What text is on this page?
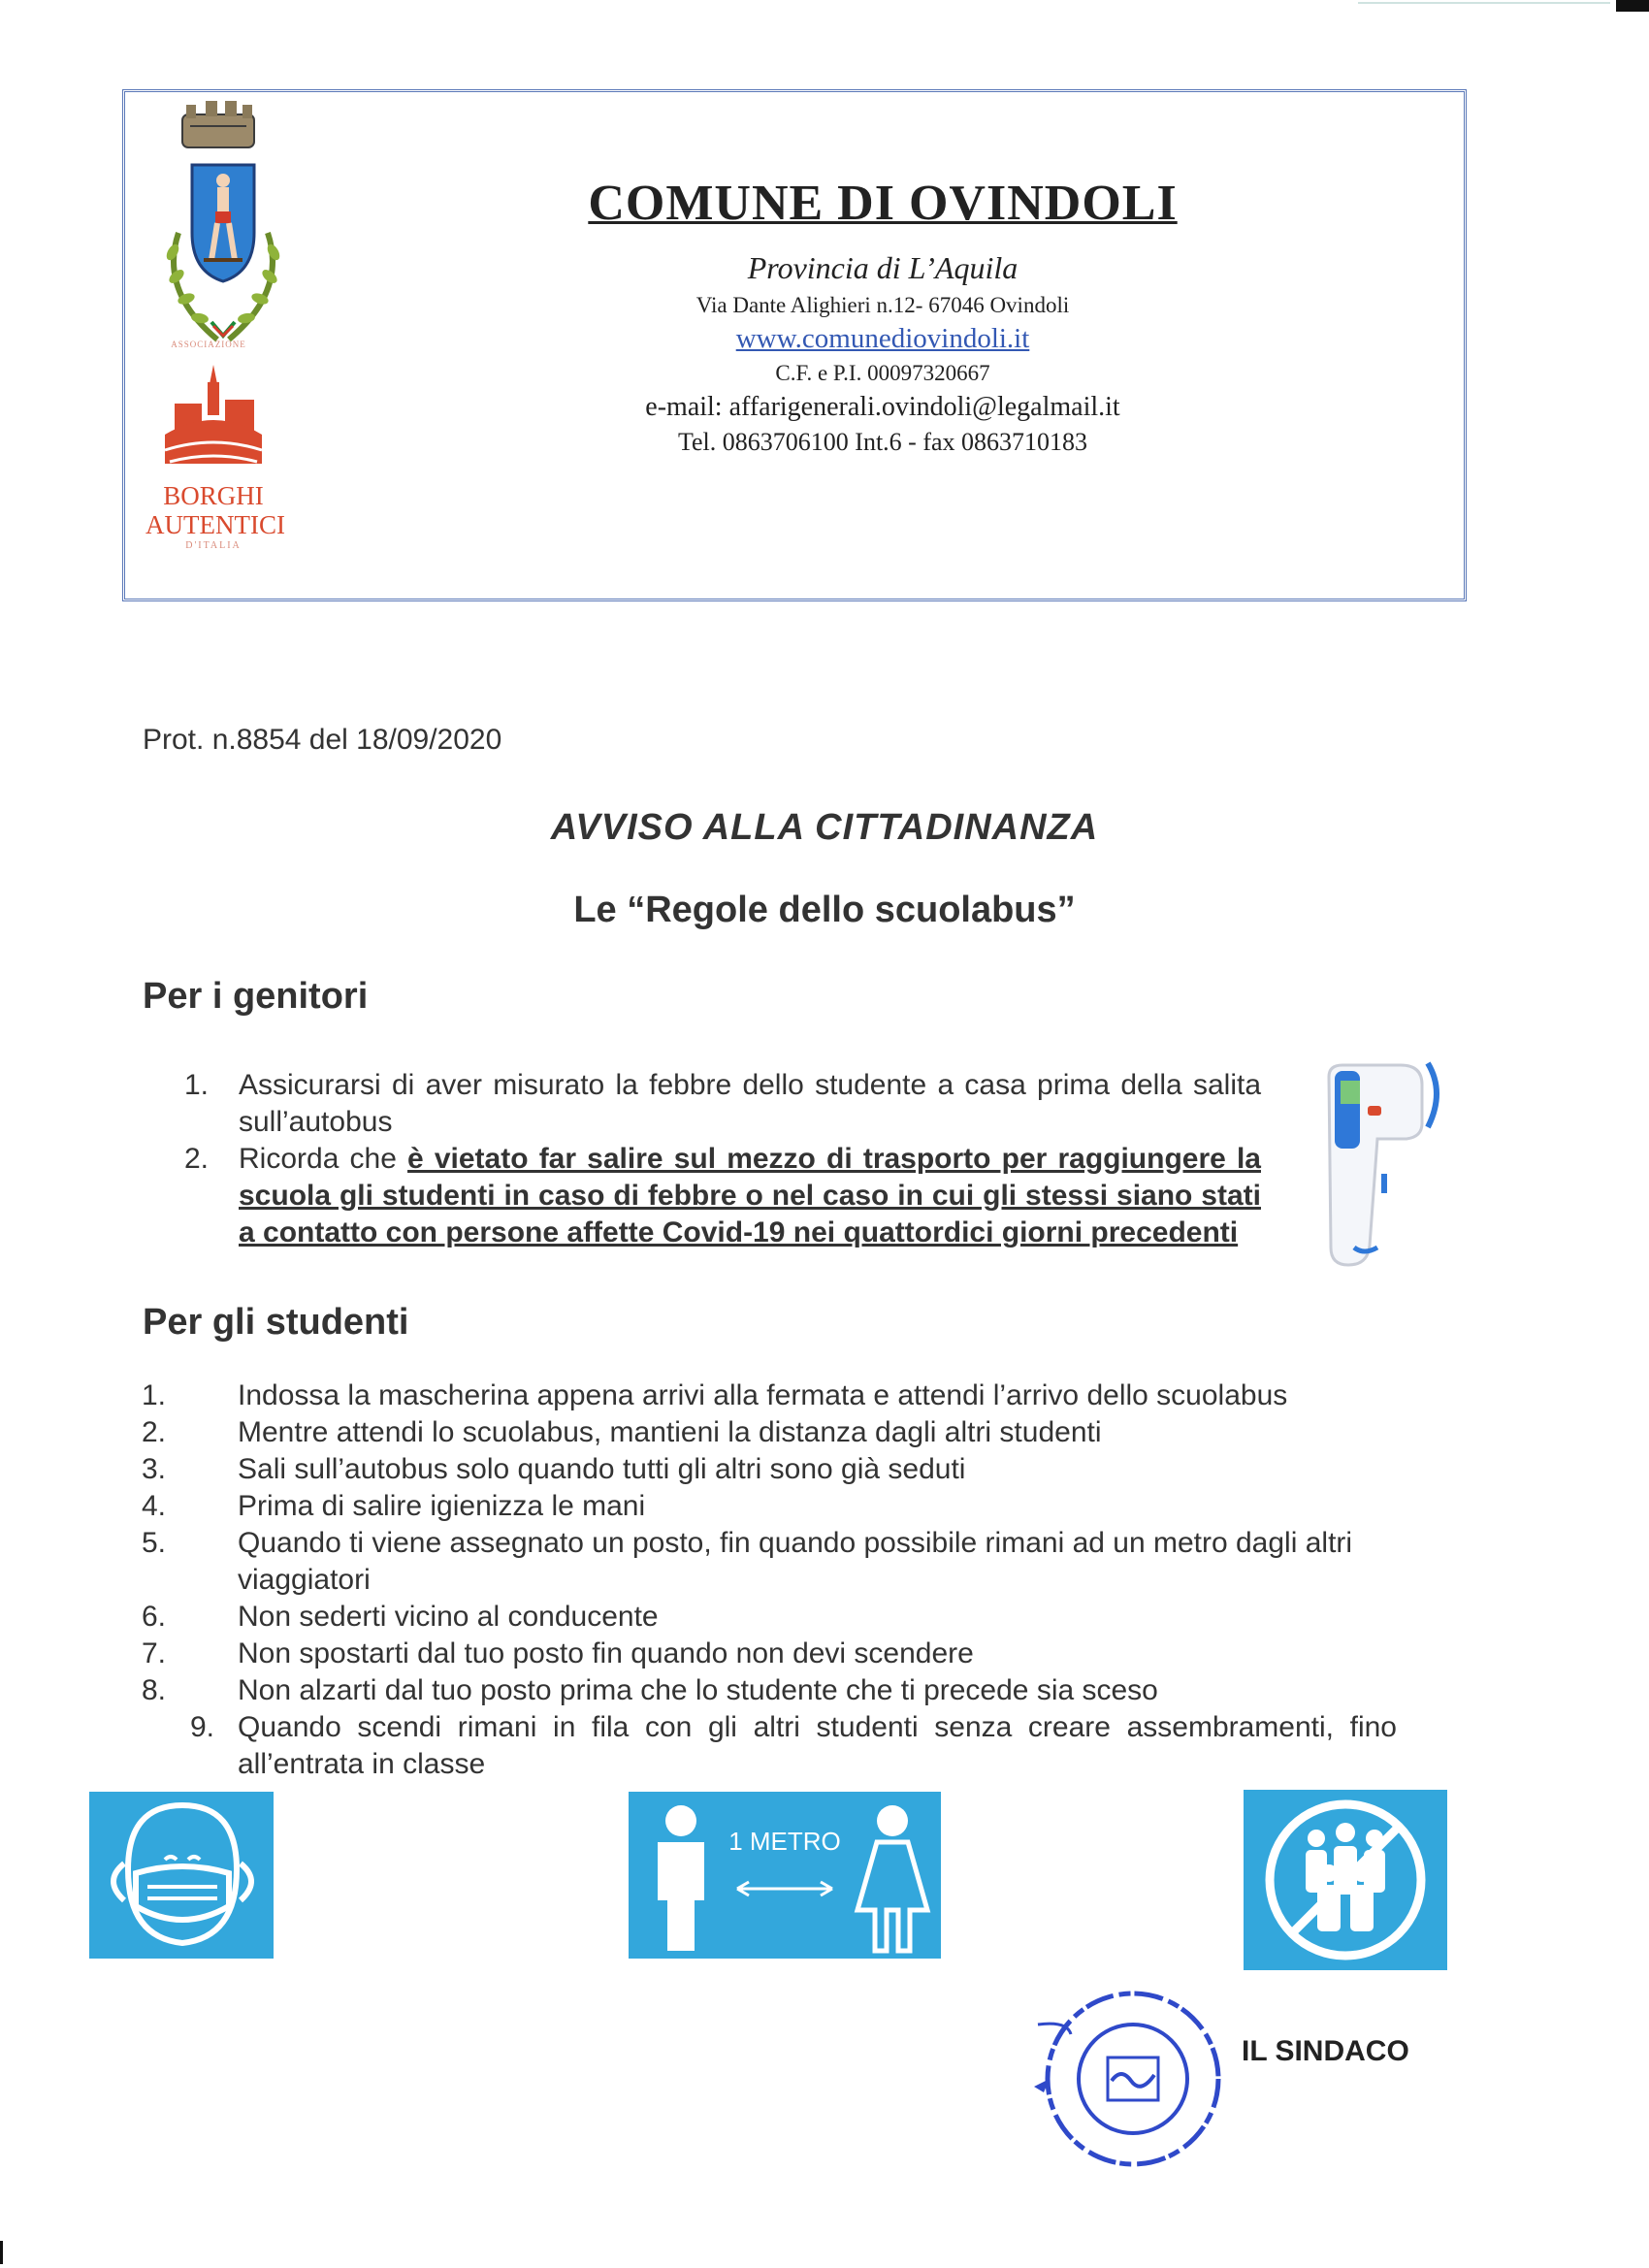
ASSOCIAZIONE
BORGHI
AUTENTICI
D'ITALIA
COMUNE DI OVINDOLI
Provincia di L’Aquila
Via Dante Alighieri n.12- 67046 Ovindoli
www.comunediovindoli.it
C.F. e P.I. 00097320667
e-mail: affarigenerali.ovindoli@legalmail.it
Tel. 0863706100 Int.6 - fax 0863710183
Prot. n.8854 del 18/09/2020
AVVISO ALLA CITTADINANZA
Le “Regole dello scuolabus”
Per i genitori
1. Assicurarsi di aver misurato la febbre dello studente a casa prima della salita sull’autobus
2. Ricorda che è vietato far salire sul mezzo di trasporto per raggiungere la scuola gli studenti in caso di febbre o nel caso in cui gli stessi siano stati a contatto con persone affette Covid-19 nei quattordici giorni precedenti
Per gli studenti
1. Indossa la mascherina appena arrivi alla fermata e attendi l’arrivo dello scuolabus
2. Mentre attendi lo scuolabus, mantieni la distanza dagli altri studenti
3. Sali sull’autobus solo quando tutti gli altri sono già seduti
4. Prima di salire igienizza le mani
5. Quando ti viene assegnato un posto, fin quando possibile rimani ad un metro dagli altri viaggiatori
6. Non sederti vicino al conducente
7. Non spostarti dal tuo posto fin quando non devi scendere
8. Non alzarti dal tuo posto prima che lo studente che ti precede sia sceso
9. Quando scendi rimani in fila con gli altri studenti senza creare assembramenti, fino all’entrata in classe
1 METRO
IL SINDACO
